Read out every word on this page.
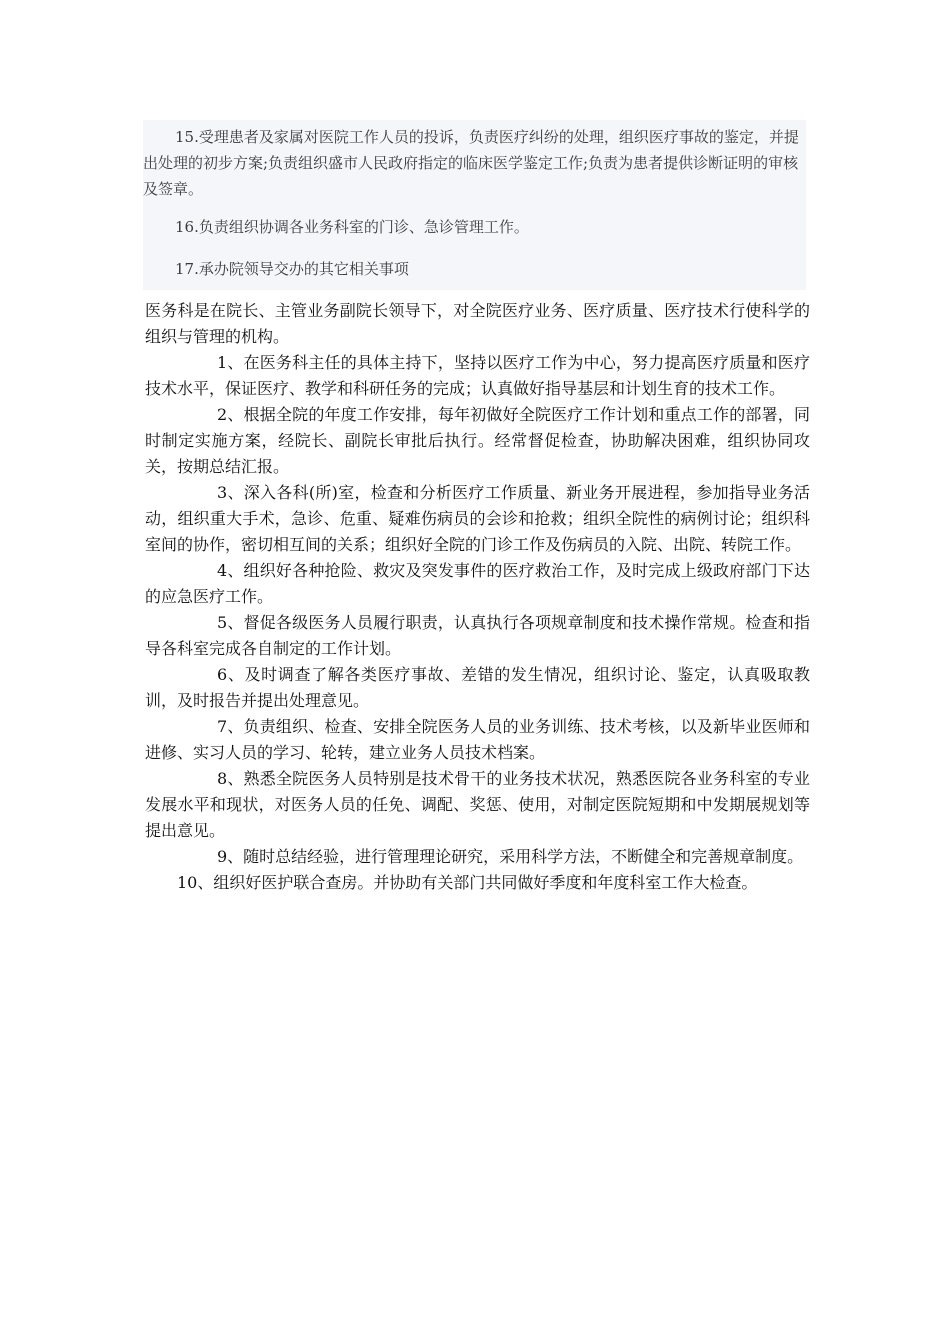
15.受理患者及家属对医院工作人员的投诉，负责医疗纠纷的处理，组织医疗事故的鉴定，并提出处理的初步方案;负责组织盛市人民政府指定的临床医学鉴定工作;负责为患者提供诊断证明的审核及签章。

16.负责组织协调各业务科室的门诊、急诊管理工作。

17.承办院领导交办的其它相关事项

医务科是在院长、主管业务副院长领导下，对全院医疗业务、医疗质量、医疗技术行使科学的组织与管理的机构。

1、在医务科主任的具体主持下，坚持以医疗工作为中心，努力提高医疗质量和医疗技术水平，保证医疗、教学和科研任务的完成；认真做好指导基层和计划生育的技术工作。

2、根据全院的年度工作安排，每年初做好全院医疗工作计划和重点工作的部署，同时制定实施方案，经院长、副院长审批后执行。经常督促检查，协助解决困难，组织协同攻关，按期总结汇报。

3、深入各科(所)室，检查和分析医疗工作质量、新业务开展进程，参加指导业务活动，组织重大手术，急诊、危重、疑难伤病员的会诊和抢救；组织全院性的病例讨论；组织科室间的协作，密切相互间的关系；组织好全院的门诊工作及伤病员的入院、出院、转院工作。

4、组织好各种抢险、救灾及突发事件的医疗救治工作，及时完成上级政府部门下达的应急医疗工作。

5、督促各级医务人员履行职责，认真执行各项规章制度和技术操作常规。检查和指导各科室完成各自制定的工作计划。

6、及时调查了解各类医疗事故、差错的发生情况，组织讨论、鉴定，认真吸取教训，及时报告并提出处理意见。

7、负责组织、检查、安排全院医务人员的业务训练、技术考核，以及新毕业医师和进修、实习人员的学习、轮转，建立业务人员技术档案。

8、熟悉全院医务人员特别是技术骨干的业务技术状况，熟悉医院各业务科室的专业发展水平和现状，对医务人员的任免、调配、奖惩、使用，对制定医院短期和中发期展规划等提出意见。

9、随时总结经验，进行管理理论研究，采用科学方法，不断健全和完善规章制度。

10、组织好医护联合查房。并协助有关部门共同做好季度和年度科室工作大检查。
